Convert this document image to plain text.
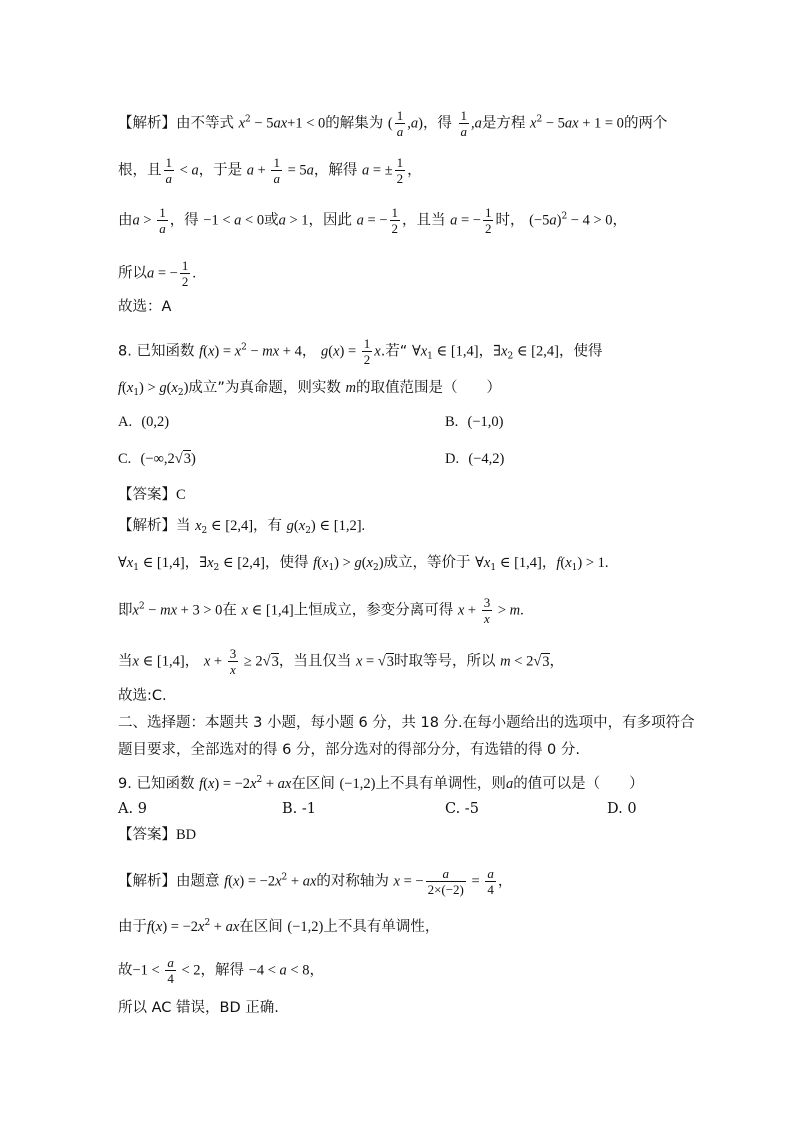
【解析】由不等式 $x^2 - 5ax+1 < 0$的解集为 ( $\frac{1}{a} ,a$)，得 $\frac{1}{a} ,a$是方程 $x^2 - 5ax + 1 = 0$的两个
根，且 $\frac{1}{a} < a$，于是 $a + \frac{1}{a} = 5a$，解得 a = ± $\frac{1}{2}$ ，
由$a > \frac{1}{a}$ ，得 −1 < a < 0或a > 1，因此 a = − $\frac{1}{2}$ ，且当 a = − $\frac{1}{2}$ 时， $(-5a)^2 - 4 > 0$，
所以a = − $\frac{1}{2}$ .
故选：A
8. 已知函数 $f(x) = x^2$ − mx + 4， $g(x) = \frac{1}{2} x$.若“ $\forall x_1$ ∈ [1,4]，$\exists x_2$ ∈ [2,4]，使得
$f(x_1) > g(x_2)$成立”为真命题，则实数 m的取值范围是（　　）
A. (0,2)	B. (−1,0)
C. (−∞,2√3)	D. (−4,2)
【答案】C
【解析】当 $x_2$ ∈ [2,4]，有 $g(x_2)$ ∈ [1,2].
$\forall x_1$ ∈ [1,4]，$\exists x_2$ ∈ [2,4]，使得 $f(x_1) > g(x_2)$成立，等价于 $\forall x_1$ ∈ [1,4]，$f(x_1) > 1$.
即$x^2$ − mx + 3 > 0在 x ∈ [1,4]上恒成立，参变分离可得 $x + \frac{3}{x} > m$.
当x ∈ [1,4]， $x + \frac{3}{x} \ge 2√3$，当且仅当 x = √3时取等号，所以 m < 2√3，
故选:C.
二、选择题：本题共 3 小题，每小题 6 分，共 18 分.在每小题给出的选项中，有多项符合
题目要求，全部选对的得 6 分，部分选对的得部分分，有选错的得 0 分.
9. 已知函数 $f(x) = -2x^2$ + ax在区间 (−1,2)上不具有单调性，则a的值可以是（　　）
A. 9	B. -1	C. -5	D. 0
【答案】BD
【解析】由题意 $f(x) = -2x^2$ + ax的对称轴为 x = − $\frac{a}{2\times(-2)} = \frac{a}{4}$ ，
由于$f(x) = -2x^2$ + ax在区间 (−1,2)上不具有单调性，
故$-1 < \frac{a}{4} < 2$，解得 −4 < a < 8，
所以 AC 错误，BD 正确.
